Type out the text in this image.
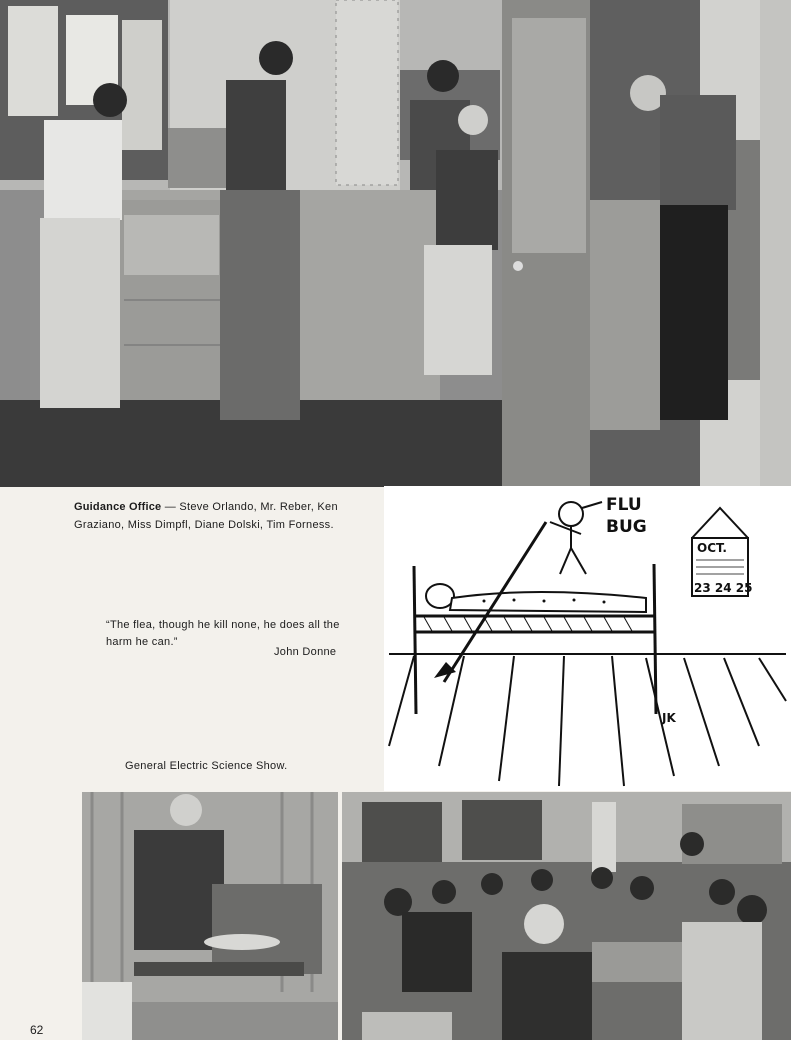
Guidance Office — Steve Orlando, Mr. Reber, Ken Graziano, Miss Dimpfl, Diane Dolski, Tim Forness.
“The flea, though he kill none, he does all the harm he can.”
John Donne
FLU
BUG
OCT.
23 24 25
JK
General Electric Science Show.
62
